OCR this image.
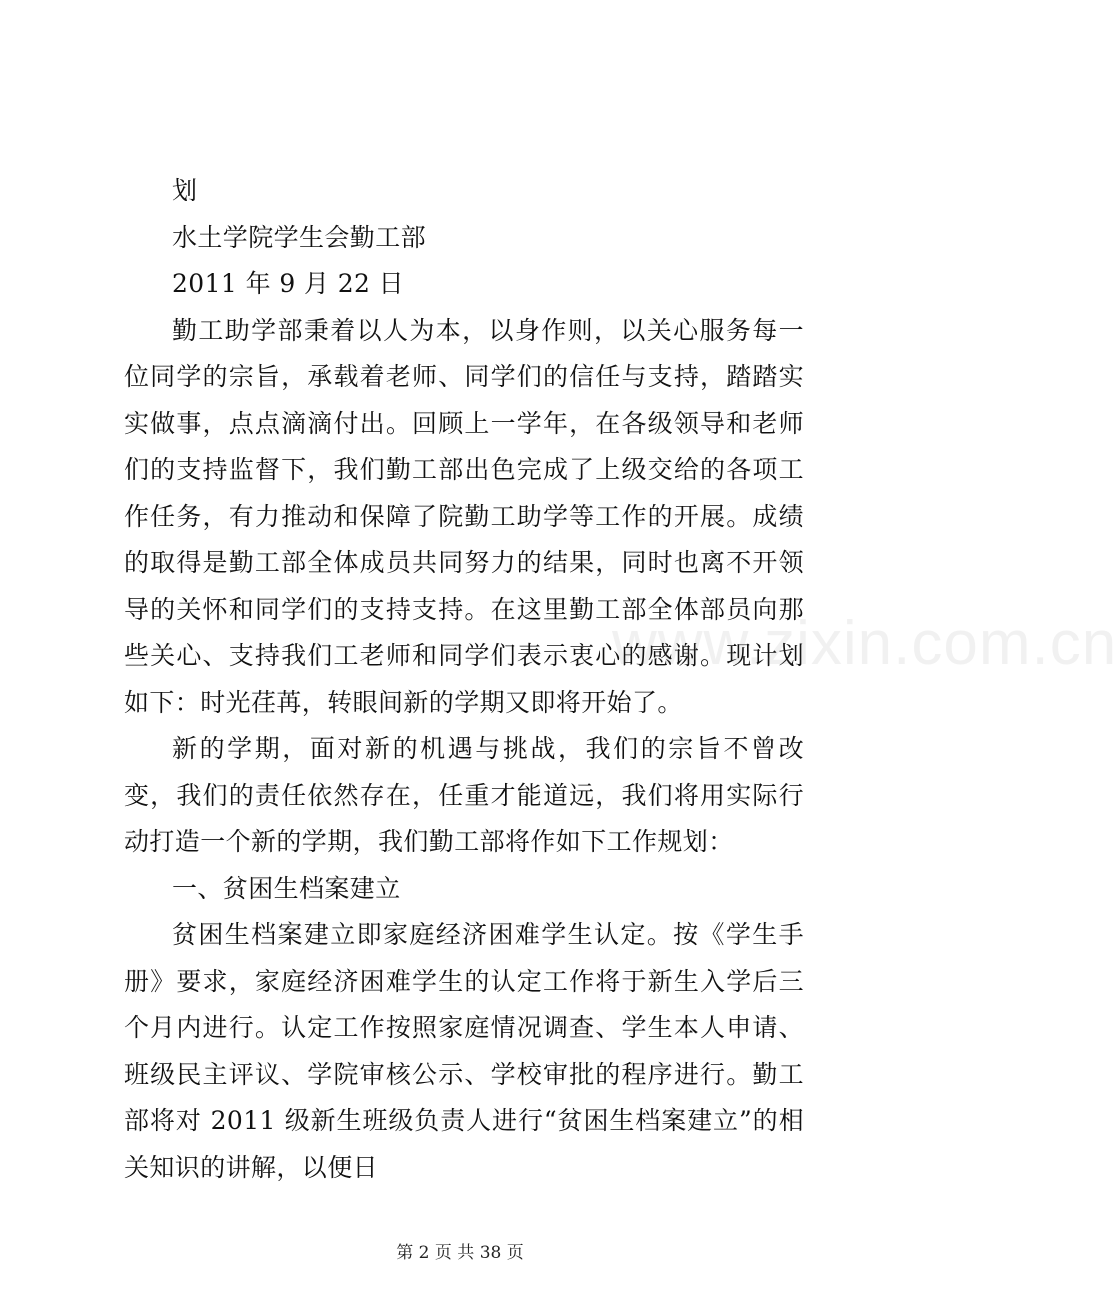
划

水土学院学生会勤工部

2011 年 9 月 22 日

勤工助学部秉着以人为本，以身作则，以关心服务每一位同学的宗旨，承载着老师、同学们的信任与支持，踏踏实实做事，点点滴滴付出。回顾上一学年，在各级领导和老师们的支持监督下，我们勤工部出色完成了上级交给的各项工作任务，有力推动和保障了院勤工助学等工作的开展。成绩的取得是勤工部全体成员共同努力的结果，同时也离不开领导的关怀和同学们的支持支持。在这里勤工部全体部员向那些关心、支持我们工老师和同学们表示衷心的感谢。现计划如下：时光荏苒，转眼间新的学期又即将开始了。

新的学期，面对新的机遇与挑战，我们的宗旨不曾改变，我们的责任依然存在，任重才能道远，我们将用实际行动打造一个新的学期，我们勤工部将作如下工作规划：

一、贫困生档案建立

贫困生档案建立即家庭经济困难学生认定。按《学生手册》要求，家庭经济困难学生的认定工作将于新生入学后三个月内进行。认定工作按照家庭情况调查、学生本人申请、班级民主评议、学院审核公示、学校审批的程序进行。勤工部将对 2011 级新生班级负责人进行“贫困生档案建立”的相关知识的讲解，以便日

www.zixin.com.cn
第 2 页 共 38 页
